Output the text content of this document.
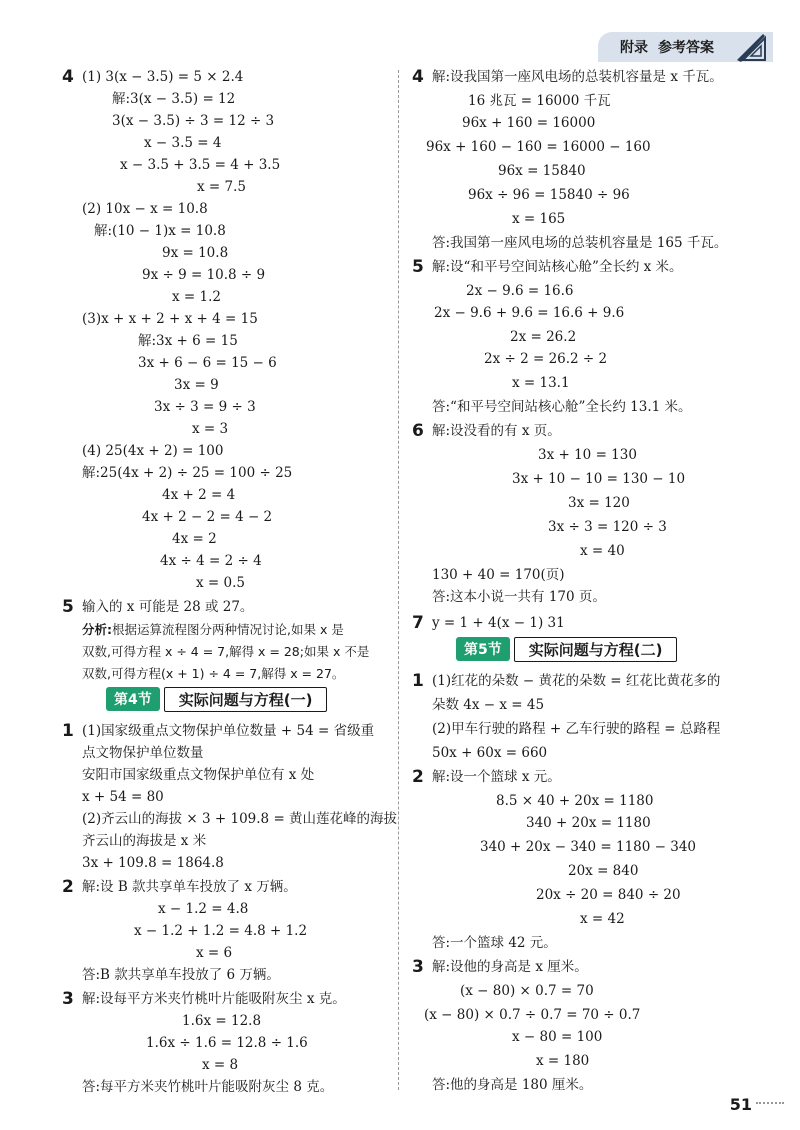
附录 参考答案
4 (1) 3(x − 3.5) = 5 × 2.4
解:3(x − 3.5) = 12
3(x − 3.5) ÷ 3 = 12 ÷ 3
x − 3.5 = 4
x − 3.5 + 3.5 = 4 + 3.5
x = 7.5
(2) 10x − x = 10.8
解:(10 − 1)x = 10.8
9x = 10.8
9x ÷ 9 = 10.8 ÷ 9
x = 1.2
(3)x + x + 2 + x + 4 = 15
解:3x + 6 = 15
3x + 6 − 6 = 15 − 6
3x = 9
3x ÷ 3 = 9 ÷ 3
x = 3
(4) 25(4x + 2) = 100
解:25(4x + 2) ÷ 25 = 100 ÷ 25
4x + 2 = 4
4x + 2 − 2 = 4 − 2
4x = 2
4x ÷ 4 = 2 ÷ 4
x = 0.5
5 输入的 x 可能是 28 或 27。
分析:根据运算流程图分两种情况讨论,如果 x 是
双数,可得方程 x ÷ 4 = 7,解得 x = 28;如果 x 不是
双数,可得方程(x + 1) ÷ 4 = 7,解得 x = 27。
第4节	实际问题与方程(一)
1 (1)国家级重点文物保护单位数量 + 54 = 省级重
点文物保护单位数量
安阳市国家级重点文物保护单位有 x 处
x + 54 = 80
(2)齐云山的海拔 × 3 + 109.8 = 黄山莲花峰的海拔
齐云山的海拔是 x 米
3x + 109.8 = 1864.8
2 解:设 B 款共享单车投放了 x 万辆。
x − 1.2 = 4.8
x − 1.2 + 1.2 = 4.8 + 1.2
x = 6
答:B 款共享单车投放了 6 万辆。
3 解:设每平方米夹竹桃叶片能吸附灰尘 x 克。
1.6x = 12.8
1.6x ÷ 1.6 = 12.8 ÷ 1.6
x = 8
答:每平方米夹竹桃叶片能吸附灰尘 8 克。
4 解:设我国第一座风电场的总装机容量是 x 千瓦。
16 兆瓦 = 16000 千瓦
96x + 160 = 16000
96x + 160 − 160 = 16000 − 160
96x = 15840
96x ÷ 96 = 15840 ÷ 96
x = 165
答:我国第一座风电场的总装机容量是 165 千瓦。
5 解:设“和平号空间站核心舱”全长约 x 米。
2x − 9.6 = 16.6
2x − 9.6 + 9.6 = 16.6 + 9.6
2x = 26.2
2x ÷ 2 = 26.2 ÷ 2
x = 13.1
答:“和平号空间站核心舱”全长约 13.1 米。
6 解:设没看的有 x 页。
3x + 10 = 130
3x + 10 − 10 = 130 − 10
3x = 120
3x ÷ 3 = 120 ÷ 3
x = 40
130 + 40 = 170(页)
答:这本小说一共有 170 页。
7 y = 1 + 4(x − 1) 31
第5节	实际问题与方程(二)
1 (1)红花的朵数 − 黄花的朵数 = 红花比黄花多的
朵数 4x − x = 45
(2)甲车行驶的路程 + 乙车行驶的路程 = 总路程
50x + 60x = 660
2 解:设一个篮球 x 元。
8.5 × 40 + 20x = 1180
340 + 20x = 1180
340 + 20x − 340 = 1180 − 340
20x = 840
20x ÷ 20 = 840 ÷ 20
x = 42
答:一个篮球 42 元。
3 解:设他的身高是 x 厘米。
(x − 80) × 0.7 = 70
(x − 80) × 0.7 ÷ 0.7 = 70 ÷ 0.7
x − 80 = 100
x = 180
答:他的身高是 180 厘米。
51
